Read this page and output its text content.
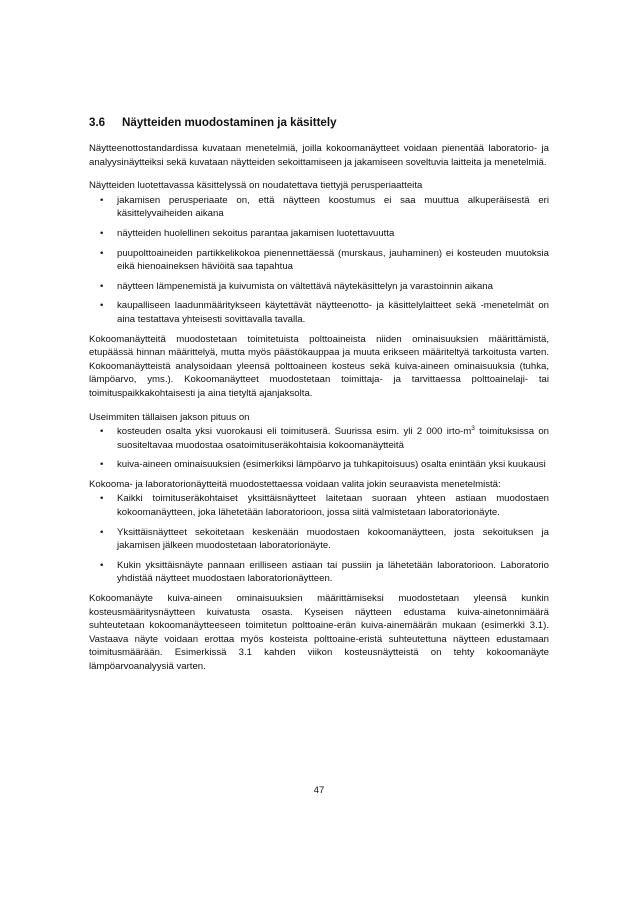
3.6	Näytteiden muodostaminen ja käsittely

Näytteenottostandardissa kuvataan menetelmiä, joilla kokoomanäytteet voidaan pienentää laboratorio- ja analyysinäytteiksi sekä kuvataan näytteiden sekoittamiseen ja jakamiseen soveltuvia laitteita ja menetelmiä.

Näytteiden luotettavassa käsittelyssä on noudatettava tiettyjä perusperiaatteita

• jakamisen perusperiaate on, että näytteen koostumus ei saa muuttua alkuperäisestä eri käsittelyvaiheiden aikana
• näytteiden huolellinen sekoitus parantaa jakamisen luotettavuutta
• puupolttoaineiden partikkelikokoa pienennettäessä (murskaus, jauhaminen) ei kosteuden muutoksia eikä hienoaineksen häviöitä saa tapahtua
• näytteen lämpenemistä ja kuivumista on vältettävä näytekäsittelyn ja varastoinnin aikana
• kaupalliseen laadunmääritykseen käytettävät näytteenotto- ja käsittelylaitteet sekä -menetelmät on aina testattava yhteisesti sovittavalla tavalla.

Kokoomanäytteitä muodostetaan toimitetuista polttoaineista niiden ominaisuuksien määrittämistä, etupäässä hinnan määrittelyä, mutta myös päästökauppaa ja muuta erikseen määriteltyä tarkoitusta varten. Kokoomanäytteistä analysoidaan yleensä polttoaineen kosteus sekä kuiva-aineen ominaisuuksia (tuhka, lämpöarvo, yms.). Kokoomanäytteet muodostetaan toimittaja- ja tarvittaessa polttoainelaji- tai toimituspaikkakohtaisesti ja aina tietyltä ajanjaksolta.

Useimmiten tällaisen jakson pituus on

• kosteuden osalta yksi vuorokausi eli toimituserä. Suurissa esim. yli 2 000 irto-$m^3$ toimituksissa on suositeltavaa muodostaa osatoimituseräkohtaisia kokoomanäytteitä
• kuiva-aineen ominaisuuksien (esimerkiksi lämpöarvo ja tuhkapitoisuus) osalta enintään yksi kuukausi

Kokooma- ja laboratorionäytteitä muodostettaessa voidaan valita jokin seuraavista menetelmistä:

• Kaikki toimituseräkohtaiset yksittäisnäytteet laitetaan suoraan yhteen astiaan muodostaen kokoomanäytteen, joka lähetetään laboratorioon, jossa siitä valmistetaan laboratorionäyte.
• Yksittäisnäytteet sekoitetaan keskenään muodostaen kokoomanäytteen, josta sekoituksen ja jakamisen jälkeen muodostetaan laboratorionäyte.
• Kukin yksittäisnäyte pannaan erilliseen astiaan tai pussiin ja lähetetään laboratorioon. Laboratorio yhdistää näytteet muodostaen laboratorionäytteen.

Kokoomanäyte kuiva-aineen ominaisuuksien määrittämiseksi muodostetaan yleensä kunkin kosteusmääritysnäytteen kuivatusta osasta. Kyseisen näytteen edustama kuiva-ainetonnimäärä suhteutetaan kokoomanäytteeseen toimitetun polttoaine-erän kuiva-ainemäärän mukaan (esimerkki 3.1). Vastaava näyte voidaan erottaa myös kosteista polttoaine-eristä suhteutettuna näytteen edustamaan toimitusmäärään. Esimerkissä 3.1 kahden viikon kosteusnäytteistä on tehty kokoomanäyte lämpöarvoanalyysiä varten.

47
